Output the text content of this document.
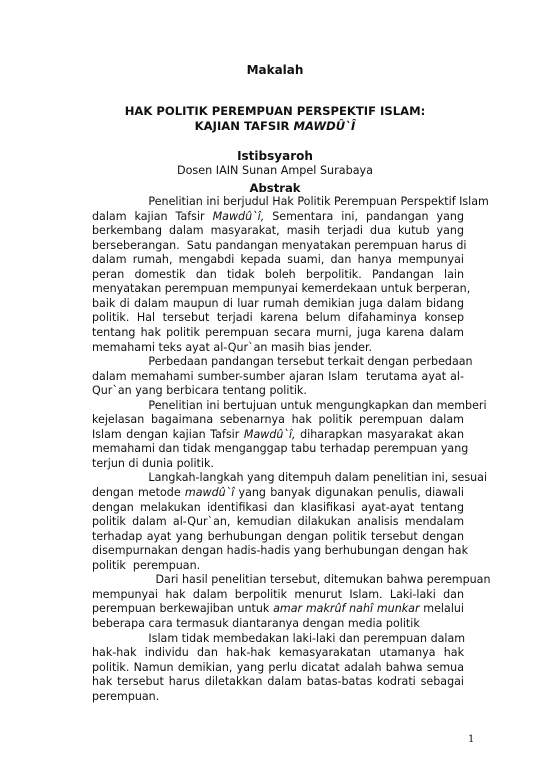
Makalah
HAK POLITIK PEREMPUAN PERSPEKTIF ISLAM:
KAJIAN TAFSIR MAWDÛ`Î
Istibsyaroh
Dosen IAIN Sunan Ampel Surabaya
Abstrak
Penelitian ini berjudul Hak Politik Perempuan Perspektif Islam
dalam kajian Tafsir Mawdû`î, Sementara ini, pandangan yang
berkembang dalam masyarakat, masih terjadi dua kutub yang
berseberangan.  Satu pandangan menyatakan perempuan harus di
dalam rumah, mengabdi kepada suami, dan hanya mempunyai
peran domestik dan tidak boleh berpolitik. Pandangan lain
menyatakan perempuan mempunyai kemerdekaan untuk berperan,
baik di dalam maupun di luar rumah demikian juga dalam bidang
politik. Hal tersebut terjadi karena belum difahaminya konsep
tentang hak politik perempuan secara murni, juga karena dalam
memahami teks ayat al-Qur`an masih bias jender.
Perbedaan pandangan tersebut terkait dengan perbedaan
dalam memahami sumber-sumber ajaran Islam  terutama ayat al-
Qur`an yang berbicara tentang politik.
Penelitian ini bertujuan untuk mengungkapkan dan memberi
kejelasan bagaimana sebenarnya hak politik perempuan dalam
Islam dengan kajian Tafsir Mawdû`î, diharapkan masyarakat akan
memahami dan tidak menganggap tabu terhadap perempuan yang
terjun di dunia politik.
Langkah-langkah yang ditempuh dalam penelitian ini, sesuai
dengan metode mawdû`î yang banyak digunakan penulis, diawali
dengan melakukan identifikasi dan klasifikasi ayat-ayat tentang
politik dalam al-Qur`an, kemudian dilakukan analisis mendalam
terhadap ayat yang berhubungan dengan politik tersebut dengan
disempurnakan dengan hadis-hadis yang berhubungan dengan hak
politik  perempuan.
Dari hasil penelitian tersebut, ditemukan bahwa perempuan
mempunyai hak dalam berpolitik menurut Islam. Laki-laki dan
perempuan berkewajiban untuk amar makrûf nahî munkar melalui
beberapa cara termasuk diantaranya dengan media politik
Islam tidak membedakan laki-laki dan perempuan dalam
hak-hak individu dan hak-hak kemasyarakatan utamanya hak
politik. Namun demikian, yang perlu dicatat adalah bahwa semua
hak tersebut harus diletakkan dalam batas-batas kodrati sebagai
perempuan.
1
